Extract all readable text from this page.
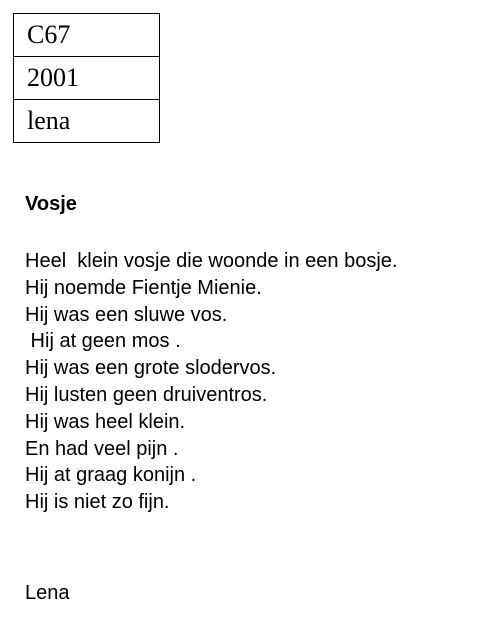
C67
2001
lena
Vosje
Heel  klein vosje die woonde in een bosje.
Hij noemde Fientje Mienie.
Hij was een sluwe vos.
Hij at geen mos .
Hij was een grote slodervos.
Hij lusten geen druiventros.
Hij was heel klein.
En had veel pijn .
Hij at graag konijn .
Hij is niet zo fijn.
Lena
